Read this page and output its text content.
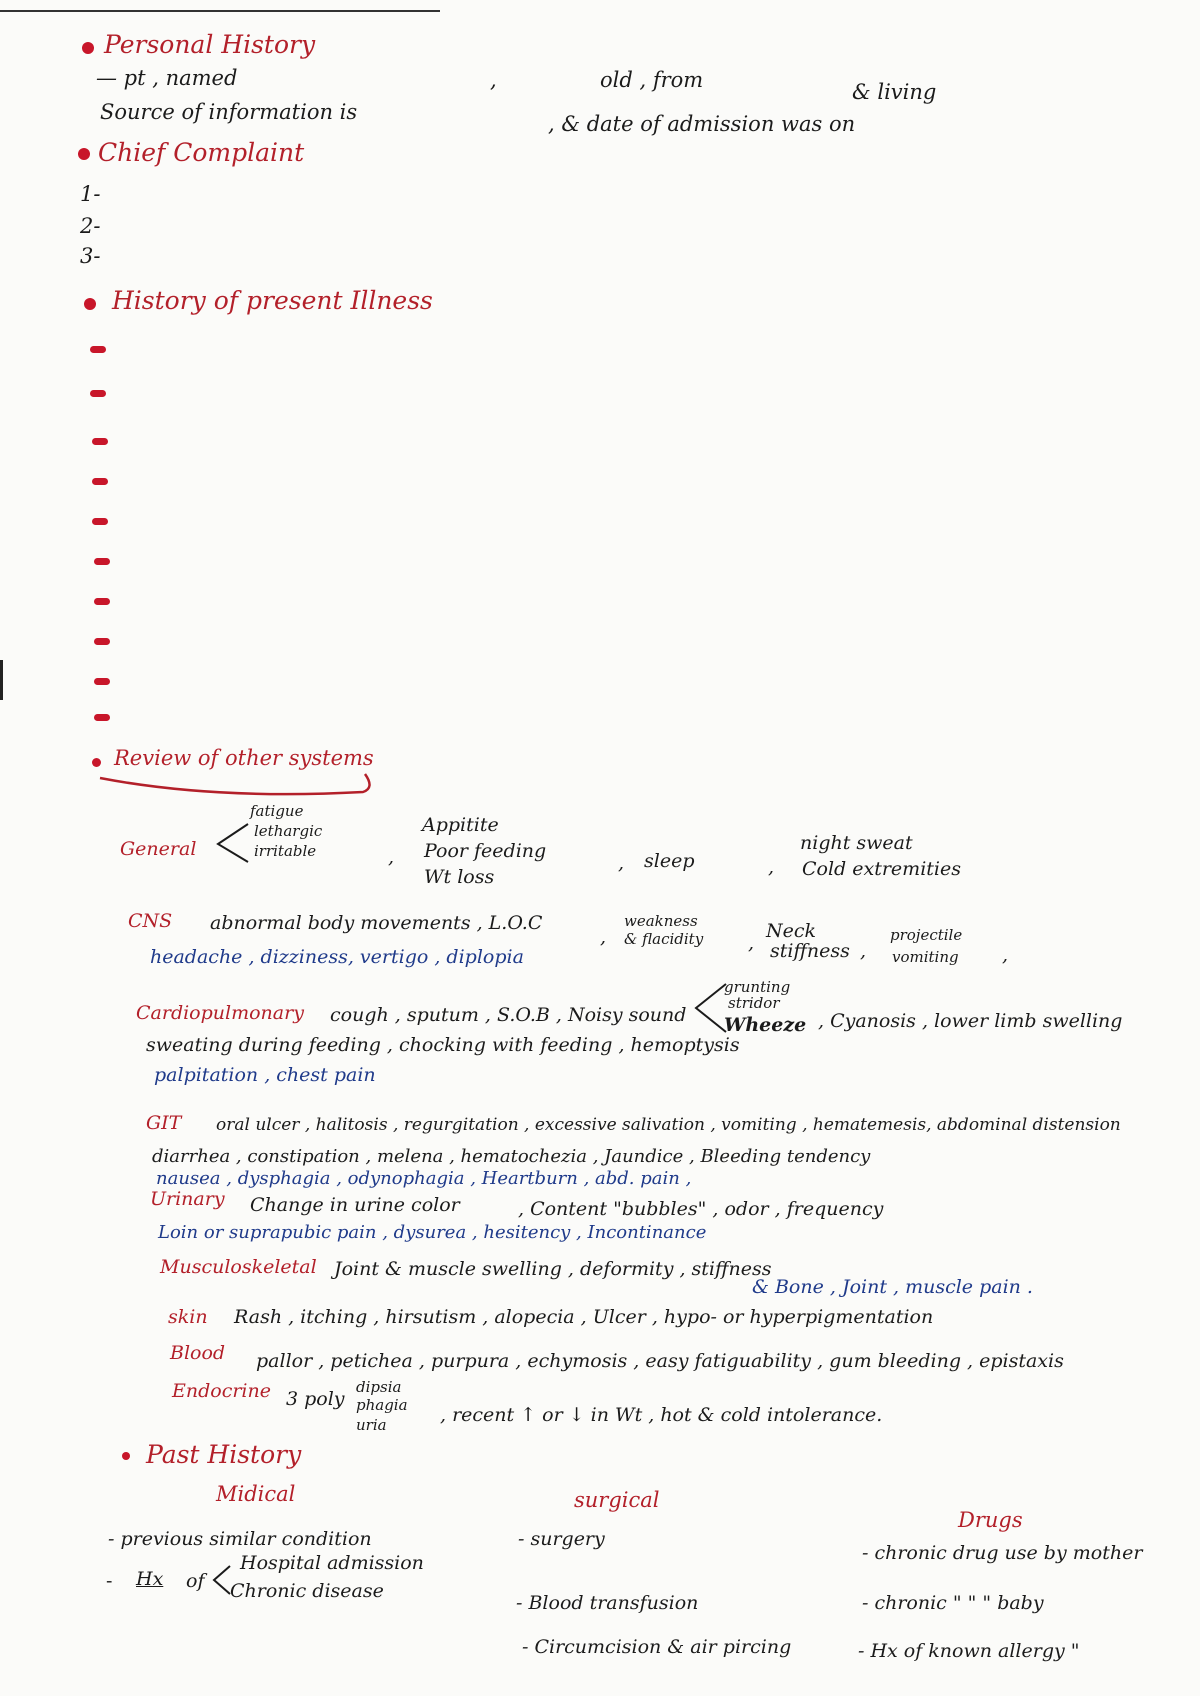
Personal History
— pt , named	,	old , from	& living
Source of information is	, & date of admission was on
Chief Complaint
1-
2-
3-
History of present Illness
Review of other systems
General
fatigue
lethargic
irritable	,
Appitite
Poor feeding
Wt loss
, sleep	,
night sweat
Cold extremities
CNS abnormal body movements , L.O.C
,
weakness
& flacidity ,
Neck
stiffness ,
projectile
vomiting ,
headache , dizziness, vertigo , diplopia
Cardiopulmonary cough , sputum , S.O.B , Noisy sound
grunting
stridor
Wheeze , Cyanosis , lower limb swelling
sweating during feeding , chocking with feeding , hemoptysis
palpitation , chest pain
GIT oral ulcer , halitosis , regurgitation , excessive salivation , vomiting , hematemesis, abdominal distension
diarrhea , constipation , melena , hematochezia , Jaundice , Bleeding tendency
nausea , dysphagia , odynophagia , Heartburn , abd. pain ,
Urinary Change in urine color	, Content "bubbles" , odor , frequency
Loin or suprapubic pain , dysurea , hesitency , Incontinance
Musculoskeletal Joint & muscle swelling , deformity , stiffness
& Bone , Joint , muscle pain .
skin Rash , itching , hirsutism , alopecia , Ulcer , hypo- or hyperpigmentation
Blood pallor , petichea , purpura , echymosis , easy fatiguability , gum bleeding , epistaxis
Endocrine 3 poly
dipsia
phagia
uria	, recent ↑ or ↓ in Wt , hot & cold intolerance.
Past History
Midical
- previous similar condition
- Hx of
Hospital admission
Chronic disease
surgical
- surgery
- Blood transfusion
- Circumcision & air pircing
Drugs
- chronic drug use by mother
- chronic " " " baby
- Hx of known allergy "
